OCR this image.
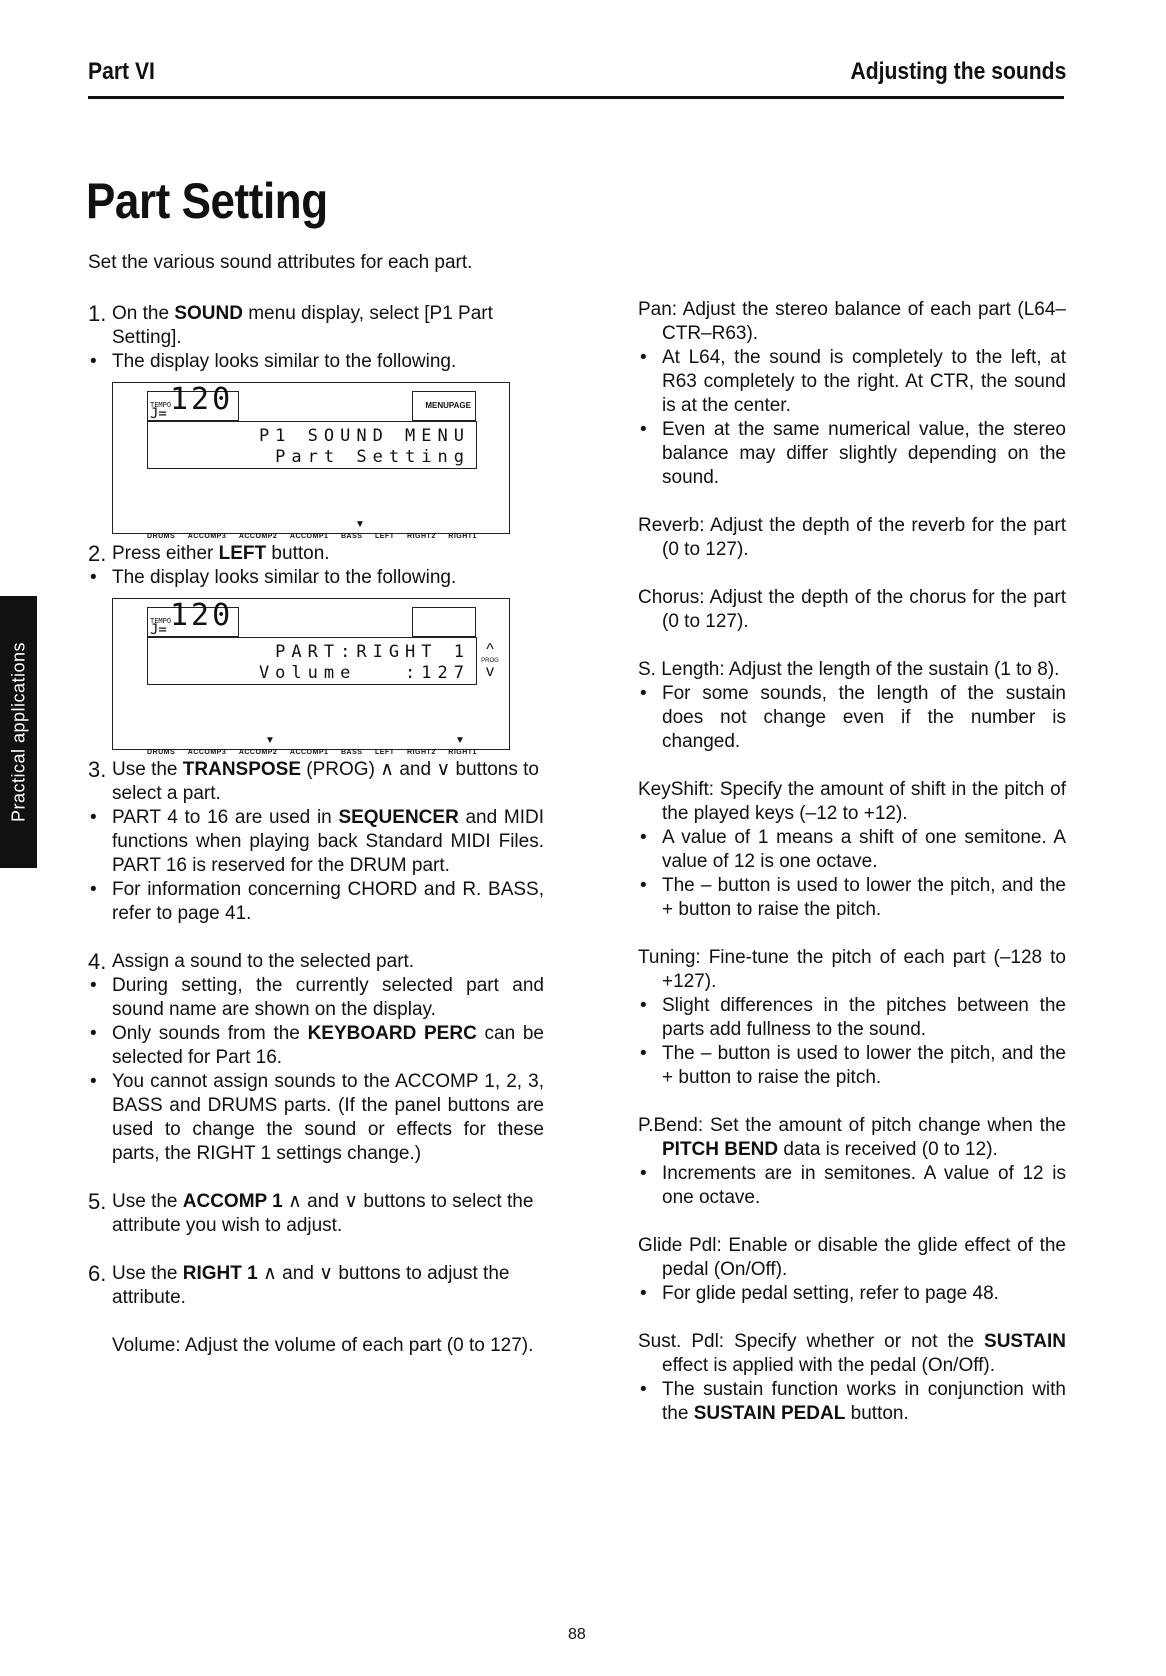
Part VI	Adjusting the sounds
Part Setting
Set the various sound attributes for each part.
Practical applications
1. On the SOUND menu display, select [P1 Part Setting].
• The display looks similar to the following.
TEMPO
J= 120	MENUPAGE
P1 SOUND MENU
Part Setting
▼
DRUMS ACCOMP3 ACCOMP2 ACCOMP1 BASS LEFT RIGHT2 RIGHT1
2. Press either LEFT button.
• The display looks similar to the following.
TEMPO
J= 120
PART:RIGHT 1
Volume   :127
^
PROG
v
▼	▼
DRUMS ACCOMP3 ACCOMP2 ACCOMP1 BASS LEFT RIGHT2 RIGHT1
3. Use the TRANSPOSE (PROG) ∧ and ∨ buttons to select a part.
• PART 4 to 16 are used in SEQUENCER and MIDI functions when playing back Standard MIDI Files. PART 16 is reserved for the DRUM part.
• For information concerning CHORD and R. BASS, refer to page 41.
4. Assign a sound to the selected part.
• During setting, the currently selected part and sound name are shown on the display.
• Only sounds from the KEYBOARD PERC can be selected for Part 16.
• You cannot assign sounds to the ACCOMP 1, 2, 3, BASS and DRUMS parts. (If the panel buttons are used to change the sound or effects for these parts, the RIGHT 1 settings change.)
5. Use the ACCOMP 1 ∧ and ∨ buttons to select the attribute you wish to adjust.
6. Use the RIGHT 1 ∧ and ∨ buttons to adjust the attribute.
Volume: Adjust the volume of each part (0 to 127).
Pan: Adjust the stereo balance of each part (L64–CTR–R63).
• At L64, the sound is completely to the left, at R63 completely to the right. At CTR, the sound is at the center.
• Even at the same numerical value, the stereo balance may differ slightly depending on the sound.
Reverb: Adjust the depth of the reverb for the part (0 to 127).
Chorus: Adjust the depth of the chorus for the part (0 to 127).
S. Length: Adjust the length of the sustain (1 to 8).
• For some sounds, the length of the sustain does not change even if the number is changed.
KeyShift: Specify the amount of shift in the pitch of the played keys (–12 to +12).
• A value of 1 means a shift of one semitone. A value of 12 is one octave.
• The – button is used to lower the pitch, and the + button to raise the pitch.
Tuning: Fine-tune the pitch of each part (–128 to +127).
• Slight differences in the pitches between the parts add fullness to the sound.
• The – button is used to lower the pitch, and the + button to raise the pitch.
P.Bend: Set the amount of pitch change when the PITCH BEND data is received (0 to 12).
• Increments are in semitones. A value of 12 is one octave.
Glide Pdl: Enable or disable the glide effect of the pedal (On/Off).
• For glide pedal setting, refer to page 48.
Sust. Pdl: Specify whether or not the SUSTAIN effect is applied with the pedal (On/Off).
• The sustain function works in conjunction with the SUSTAIN PEDAL button.
88
